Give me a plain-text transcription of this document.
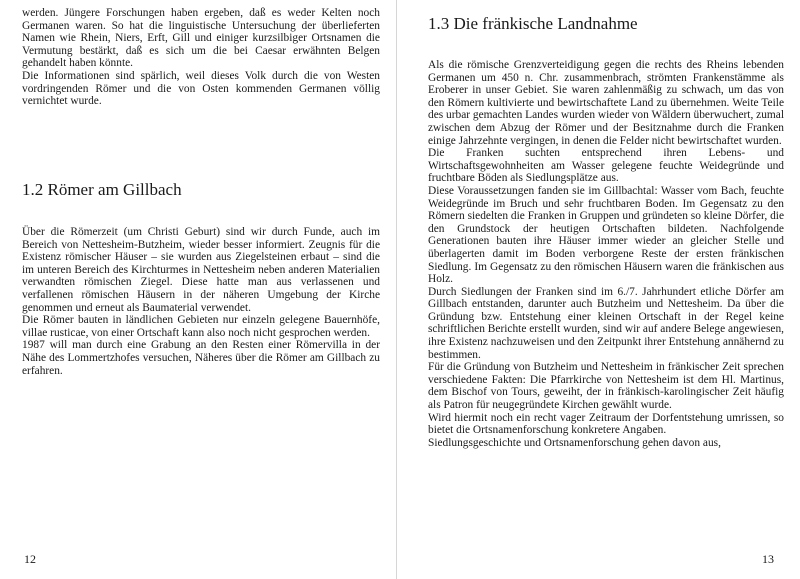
werden. Jüngere Forschungen haben ergeben, daß es weder Kelten noch Germanen waren. So hat die linguistische Untersuchung der überlieferten Namen wie Rhein, Niers, Erft, Gill und einiger kurzsilbiger Ortsnamen die Vermutung bestärkt, daß es sich um die bei Caesar erwähnten Belgen gehandelt haben könnte.

Die Informationen sind spärlich, weil dieses Volk durch die von Westen vordringenden Römer und die von Osten kommenden Germanen völlig vernichtet wurde.

1.2 Römer am Gillbach

Über die Römerzeit (um Christi Geburt) sind wir durch Funde, auch im Bereich von Nettesheim-Butzheim, wieder besser informiert. Zeugnis für die Existenz römischer Häuser – sie wurden aus Ziegelsteinen erbaut – sind die im unteren Bereich des Kirchturmes in Nettesheim neben anderen Materialien verwandten römischen Ziegel. Diese hatte man aus verlassenen und verfallenen römischen Häusern in der näheren Umgebung der Kirche genommen und erneut als Baumaterial verwendet.

Die Römer bauten in ländlichen Gebieten nur einzeln gelegene Bauernhöfe, villae rusticae, von einer Ortschaft kann also noch nicht gesprochen werden.

1987 will man durch eine Grabung an den Resten einer Römervilla in der Nähe des Lommertzhofes versuchen, Näheres über die Römer am Gillbach zu erfahren.

12
1.3 Die fränkische Landnahme

Als die römische Grenzverteidigung gegen die rechts des Rheins lebenden Germanen um 450 n. Chr. zusammenbrach, strömten Frankenstämme als Eroberer in unser Gebiet. Sie waren zahlenmäßig zu schwach, um das von den Römern kultivierte und bewirtschaftete Land zu übernehmen. Weite Teile des urbar gemachten Landes wurden wieder von Wäldern überwuchert, zumal zwischen dem Abzug der Römer und der Besitznahme durch die Franken einige Jahrzehnte vergingen, in denen die Felder nicht bewirtschaftet wurden.

Die Franken suchten entsprechend ihren Lebens- und Wirtschaftsgewohnheiten am Wasser gelegene feuchte Weidegründe und fruchtbare Böden als Siedlungsplätze aus.

Diese Voraussetzungen fanden sie im Gillbachtal: Wasser vom Bach, feuchte Weidegründe im Bruch und sehr fruchtbaren Boden. Im Gegensatz zu den Römern siedelten die Franken in Gruppen und gründeten so kleine Dörfer, die den Grundstock der heutigen Ortschaften bildeten. Nachfolgende Generationen bauten ihre Häuser immer wieder an gleicher Stelle und überlagerten damit im Boden verborgene Reste der ersten fränkischen Siedlung. Im Gegensatz zu den römischen Häusern waren die fränkischen aus Holz.

Durch Siedlungen der Franken sind im 6./7. Jahrhundert etliche Dörfer am Gillbach entstanden, darunter auch Butzheim und Nettesheim. Da über die Gründung bzw. Entstehung einer kleinen Ortschaft in der Regel keine schriftlichen Berichte erstellt wurden, sind wir auf andere Belege angewiesen, ihre Existenz nachzuweisen und den Zeitpunkt ihrer Entstehung annähernd zu bestimmen.

Für die Gründung von Butzheim und Nettesheim in fränkischer Zeit sprechen verschiedene Fakten: Die Pfarrkirche von Nettesheim ist dem Hl. Martinus, dem Bischof von Tours, geweiht, der in fränkisch-karolingischer Zeit häufig als Patron für neugegründete Kirchen gewählt wurde.

Wird hiermit noch ein recht vager Zeitraum der Dorfentstehung umrissen, so bietet die Ortsnamenforschung konkretere Angaben.

Siedlungsgeschichte und Ortsnamenforschung gehen davon aus,

13
